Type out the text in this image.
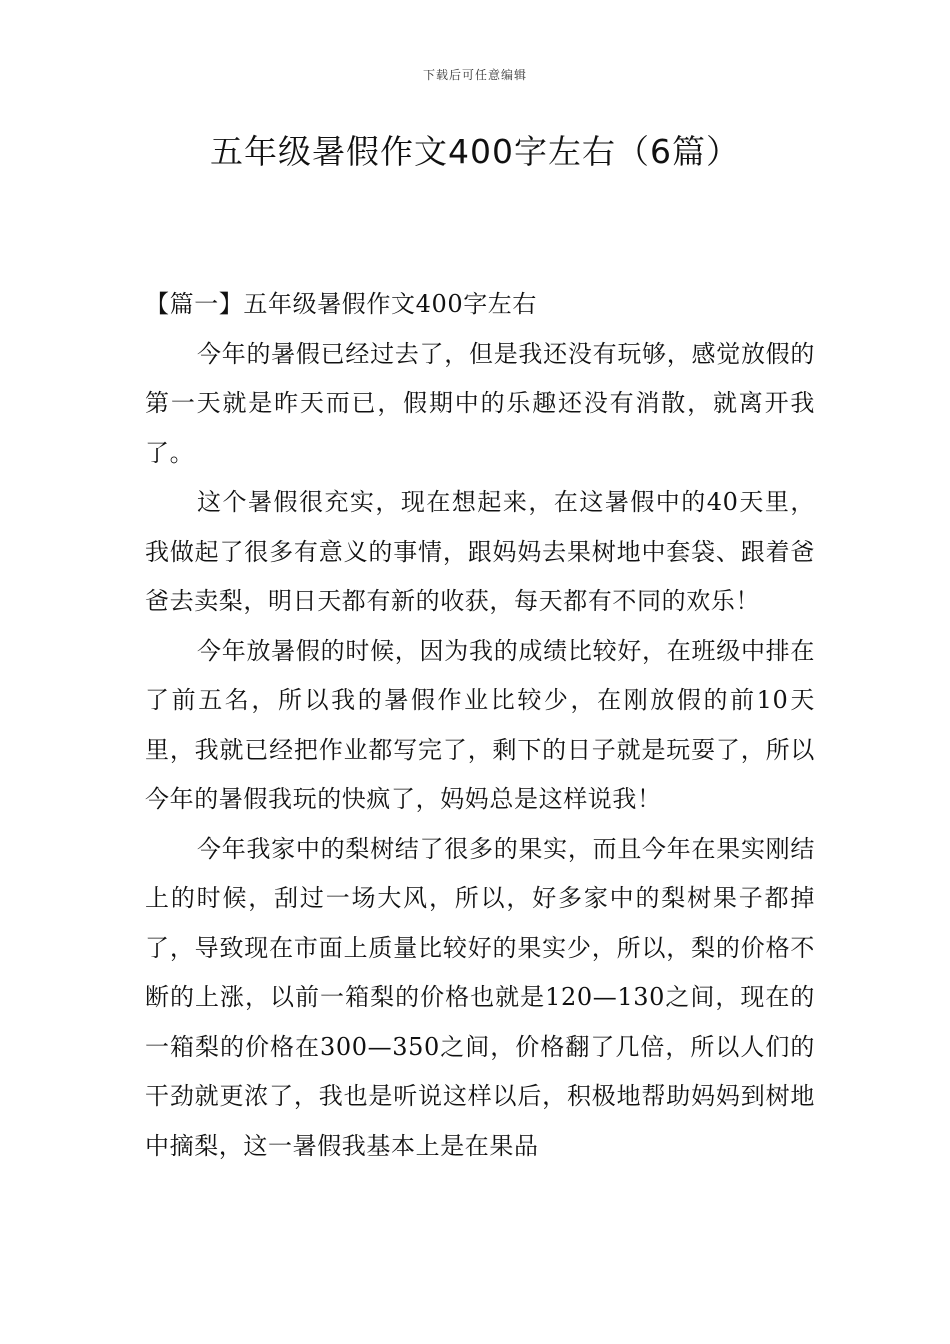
下载后可任意编辑
五年级暑假作文400字左右（6篇）

【篇一】五年级暑假作文400字左右

今年的暑假已经过去了，但是我还没有玩够，感觉放假的第一天就是昨天而已，假期中的乐趣还没有消散，就离开我了。

这个暑假很充实，现在想起来，在这暑假中的40天里，我做起了很多有意义的事情，跟妈妈去果树地中套袋、跟着爸爸去卖梨，明日天都有新的收获，每天都有不同的欢乐！

今年放暑假的时候，因为我的成绩比较好，在班级中排在了前五名，所以我的暑假作业比较少，在刚放假的前10天里，我就已经把作业都写完了，剩下的日子就是玩耍了，所以今年的暑假我玩的快疯了，妈妈总是这样说我！

今年我家中的梨树结了很多的果实，而且今年在果实刚结上的时候，刮过一场大风，所以，好多家中的梨树果子都掉了，导致现在市面上质量比较好的果实少，所以，梨的价格不断的上涨，以前一箱梨的价格也就是120—130之间，现在的一箱梨的价格在300—350之间，价格翻了几倍，所以人们的干劲就更浓了，我也是听说这样以后，积极地帮助妈妈到树地中摘梨，这一暑假我基本上是在果品
